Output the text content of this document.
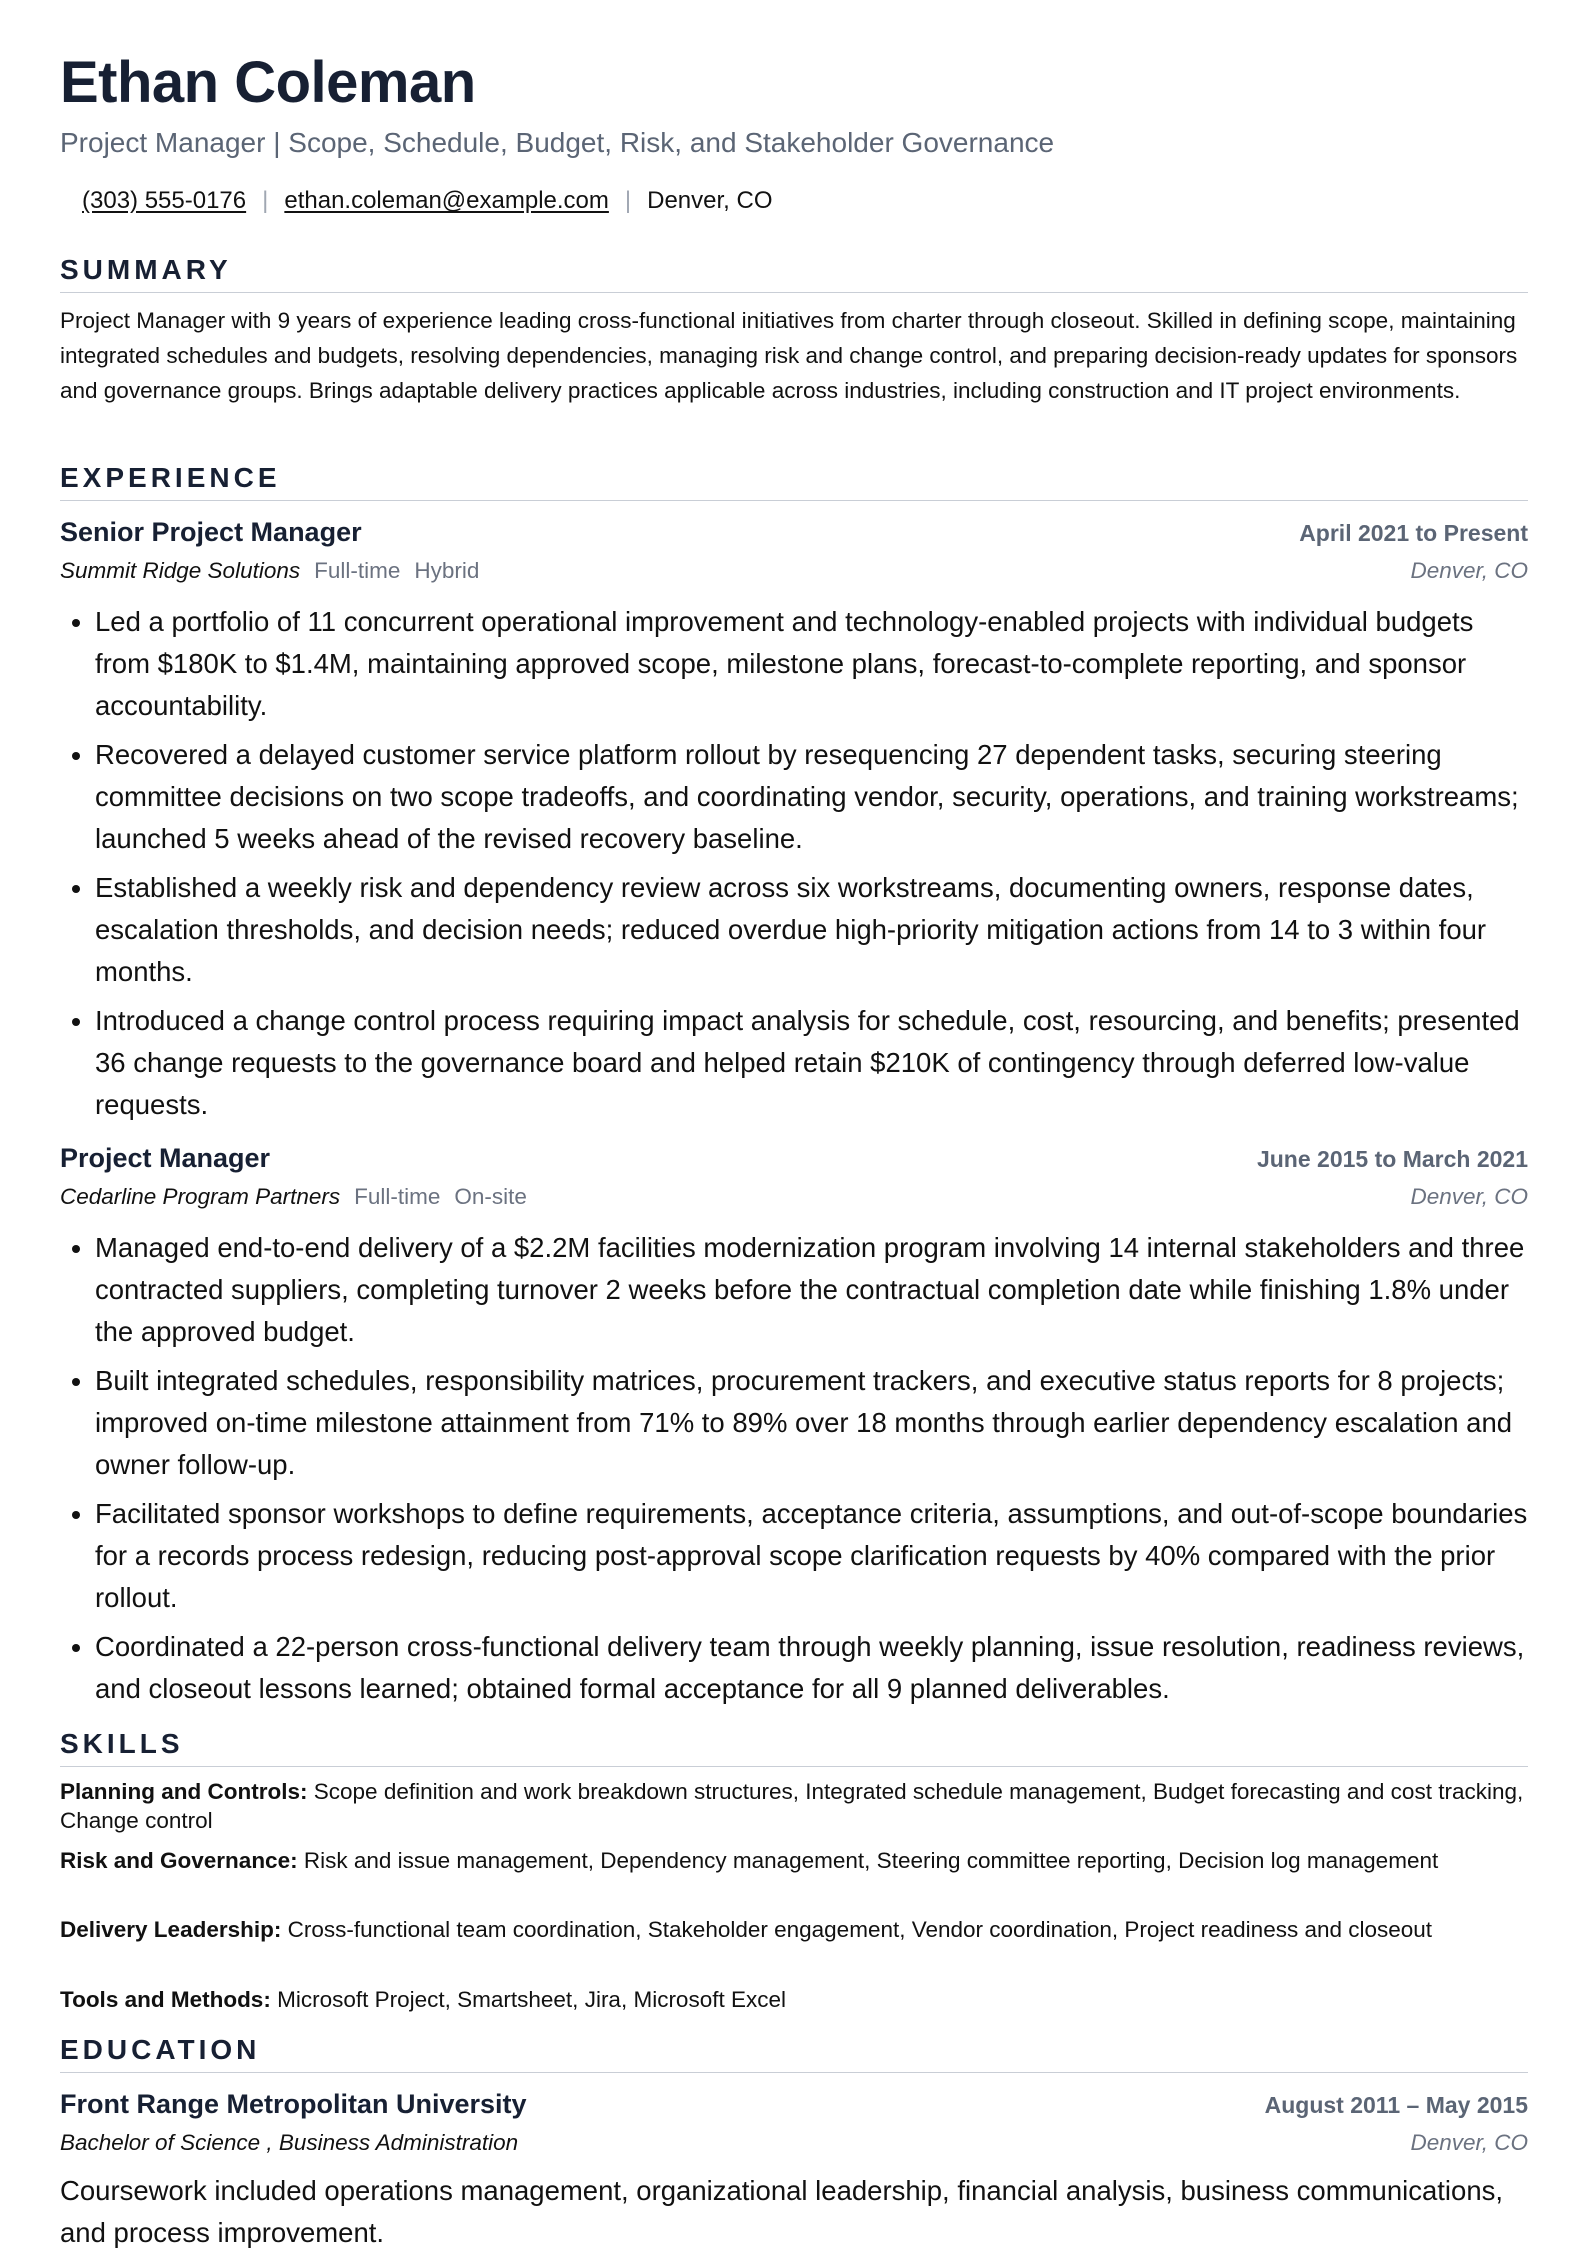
Ethan Coleman
Project Manager | Scope, Schedule, Budget, Risk, and Stakeholder Governance
(303) 555-0176 | ethan.coleman@example.com | Denver, CO
SUMMARY
Project Manager with 9 years of experience leading cross-functional initiatives from charter through closeout. Skilled in defining scope, maintaining integrated schedules and budgets, resolving dependencies, managing risk and change control, and preparing decision-ready updates for sponsors and governance groups. Brings adaptable delivery practices applicable across industries, including construction and IT project environments.
EXPERIENCE
Senior Project Manager	April 2021 to Present
Summit Ridge Solutions Full-time Hybrid	Denver, CO
• Led a portfolio of 11 concurrent operational improvement and technology-enabled projects with individual budgets from $180K to $1.4M, maintaining approved scope, milestone plans, forecast-to-complete reporting, and sponsor accountability.
• Recovered a delayed customer service platform rollout by resequencing 27 dependent tasks, securing steering committee decisions on two scope tradeoffs, and coordinating vendor, security, operations, and training workstreams; launched 5 weeks ahead of the revised recovery baseline.
• Established a weekly risk and dependency review across six workstreams, documenting owners, response dates, escalation thresholds, and decision needs; reduced overdue high-priority mitigation actions from 14 to 3 within four months.
• Introduced a change control process requiring impact analysis for schedule, cost, resourcing, and benefits; presented 36 change requests to the governance board and helped retain $210K of contingency through deferred low-value requests.
Project Manager	June 2015 to March 2021
Cedarline Program Partners Full-time On-site	Denver, CO
• Managed end-to-end delivery of a $2.2M facilities modernization program involving 14 internal stakeholders and three contracted suppliers, completing turnover 2 weeks before the contractual completion date while finishing 1.8% under the approved budget.
• Built integrated schedules, responsibility matrices, procurement trackers, and executive status reports for 8 projects; improved on-time milestone attainment from 71% to 89% over 18 months through earlier dependency escalation and owner follow-up.
• Facilitated sponsor workshops to define requirements, acceptance criteria, assumptions, and out-of-scope boundaries for a records process redesign, reducing post-approval scope clarification requests by 40% compared with the prior rollout.
• Coordinated a 22-person cross-functional delivery team through weekly planning, issue resolution, readiness reviews, and closeout lessons learned; obtained formal acceptance for all 9 planned deliverables.
SKILLS
Planning and Controls: Scope definition and work breakdown structures, Integrated schedule management, Budget forecasting and cost tracking, Change control
Risk and Governance: Risk and issue management, Dependency management, Steering committee reporting, Decision log management
Delivery Leadership: Cross-functional team coordination, Stakeholder engagement, Vendor coordination, Project readiness and closeout
Tools and Methods: Microsoft Project, Smartsheet, Jira, Microsoft Excel
EDUCATION
Front Range Metropolitan University	August 2011 – May 2015
Bachelor of Science , Business Administration	Denver, CO
Coursework included operations management, organizational leadership, financial analysis, business communications, and process improvement.
